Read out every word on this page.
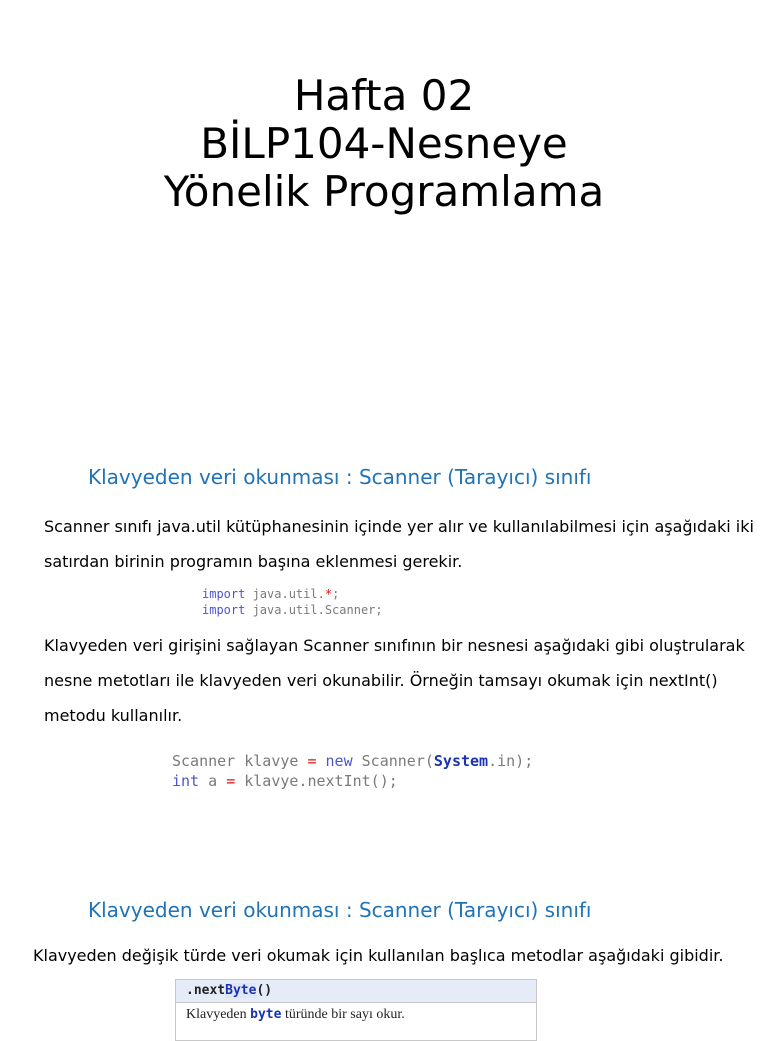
Hafta 02
BİLP104-Nesneye
Yönelik Programlama
Klavyeden veri okunması : Scanner (Tarayıcı) sınıfı
Scanner sınıfı java.util kütüphanesinin içinde yer alır ve kullanılabilmesi için aşağıdaki iki
satırdan birinin programın başına eklenmesi gerekir.
import java.util.*;
import java.util.Scanner;
Klavyeden veri girişini sağlayan Scanner sınıfının bir nesnesi aşağıdaki gibi oluştrularak
nesne metotları ile klavyeden veri okunabilir. Örneğin tamsayı okumak için nextInt()
metodu kullanılır.
Scanner klavye = new Scanner(System.in);
int a = klavye.nextInt();
Klavyeden veri okunması : Scanner (Tarayıcı) sınıfı
Klavyeden değişik türde veri okumak için kullanılan başlıca metodlar aşağıdaki gibidir.
.nextByte()
Klavyeden byte türünde bir sayı okur.
